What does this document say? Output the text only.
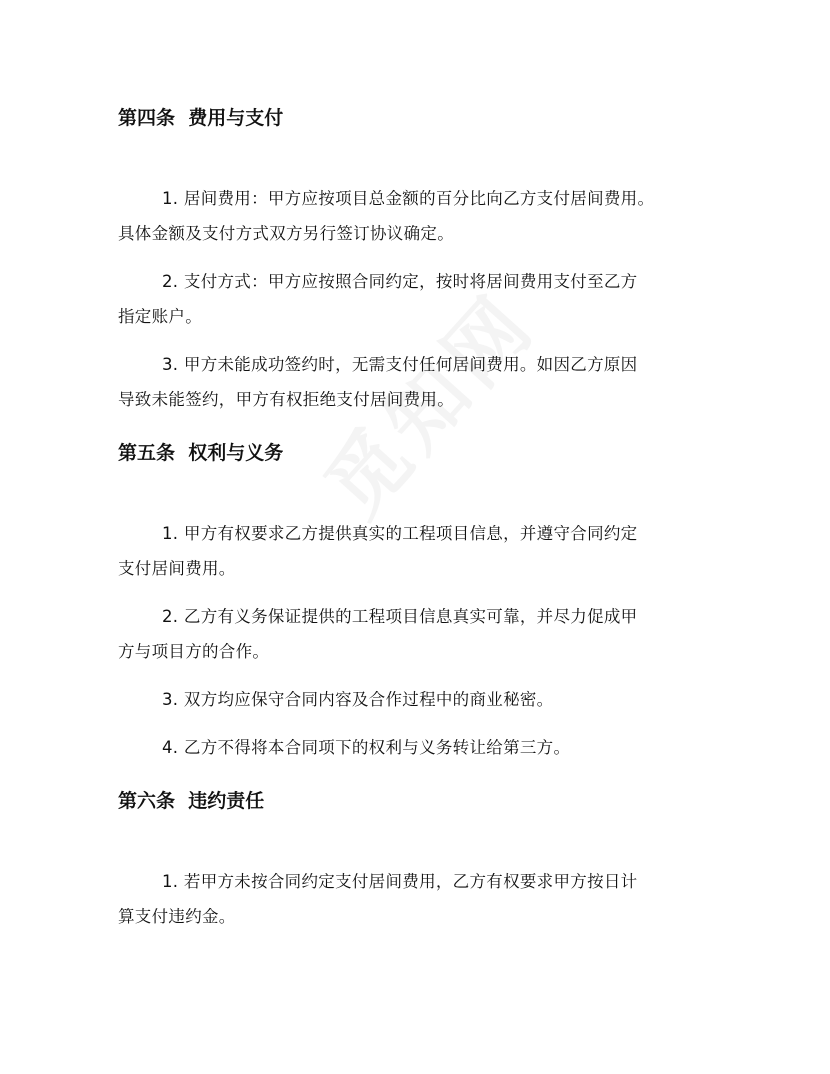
第四条  费用与支付

1. 居间费用：甲方应按项目总金额的百分比向乙方支付居间费用。
具体金额及支付方式双方另行签订协议确定。

2. 支付方式：甲方应按照合同约定，按时将居间费用支付至乙方
指定账户。

3. 甲方未能成功签约时，无需支付任何居间费用。如因乙方原因
导致未能签约，甲方有权拒绝支付居间费用。

第五条  权利与义务

1. 甲方有权要求乙方提供真实的工程项目信息，并遵守合同约定
支付居间费用。

2. 乙方有义务保证提供的工程项目信息真实可靠，并尽力促成甲
方与项目方的合作。

3. 双方均应保守合同内容及合作过程中的商业秘密。

4. 乙方不得将本合同项下的权利与义务转让给第三方。

第六条  违约责任

1. 若甲方未按合同约定支付居间费用，乙方有权要求甲方按日计
算支付违约金。
